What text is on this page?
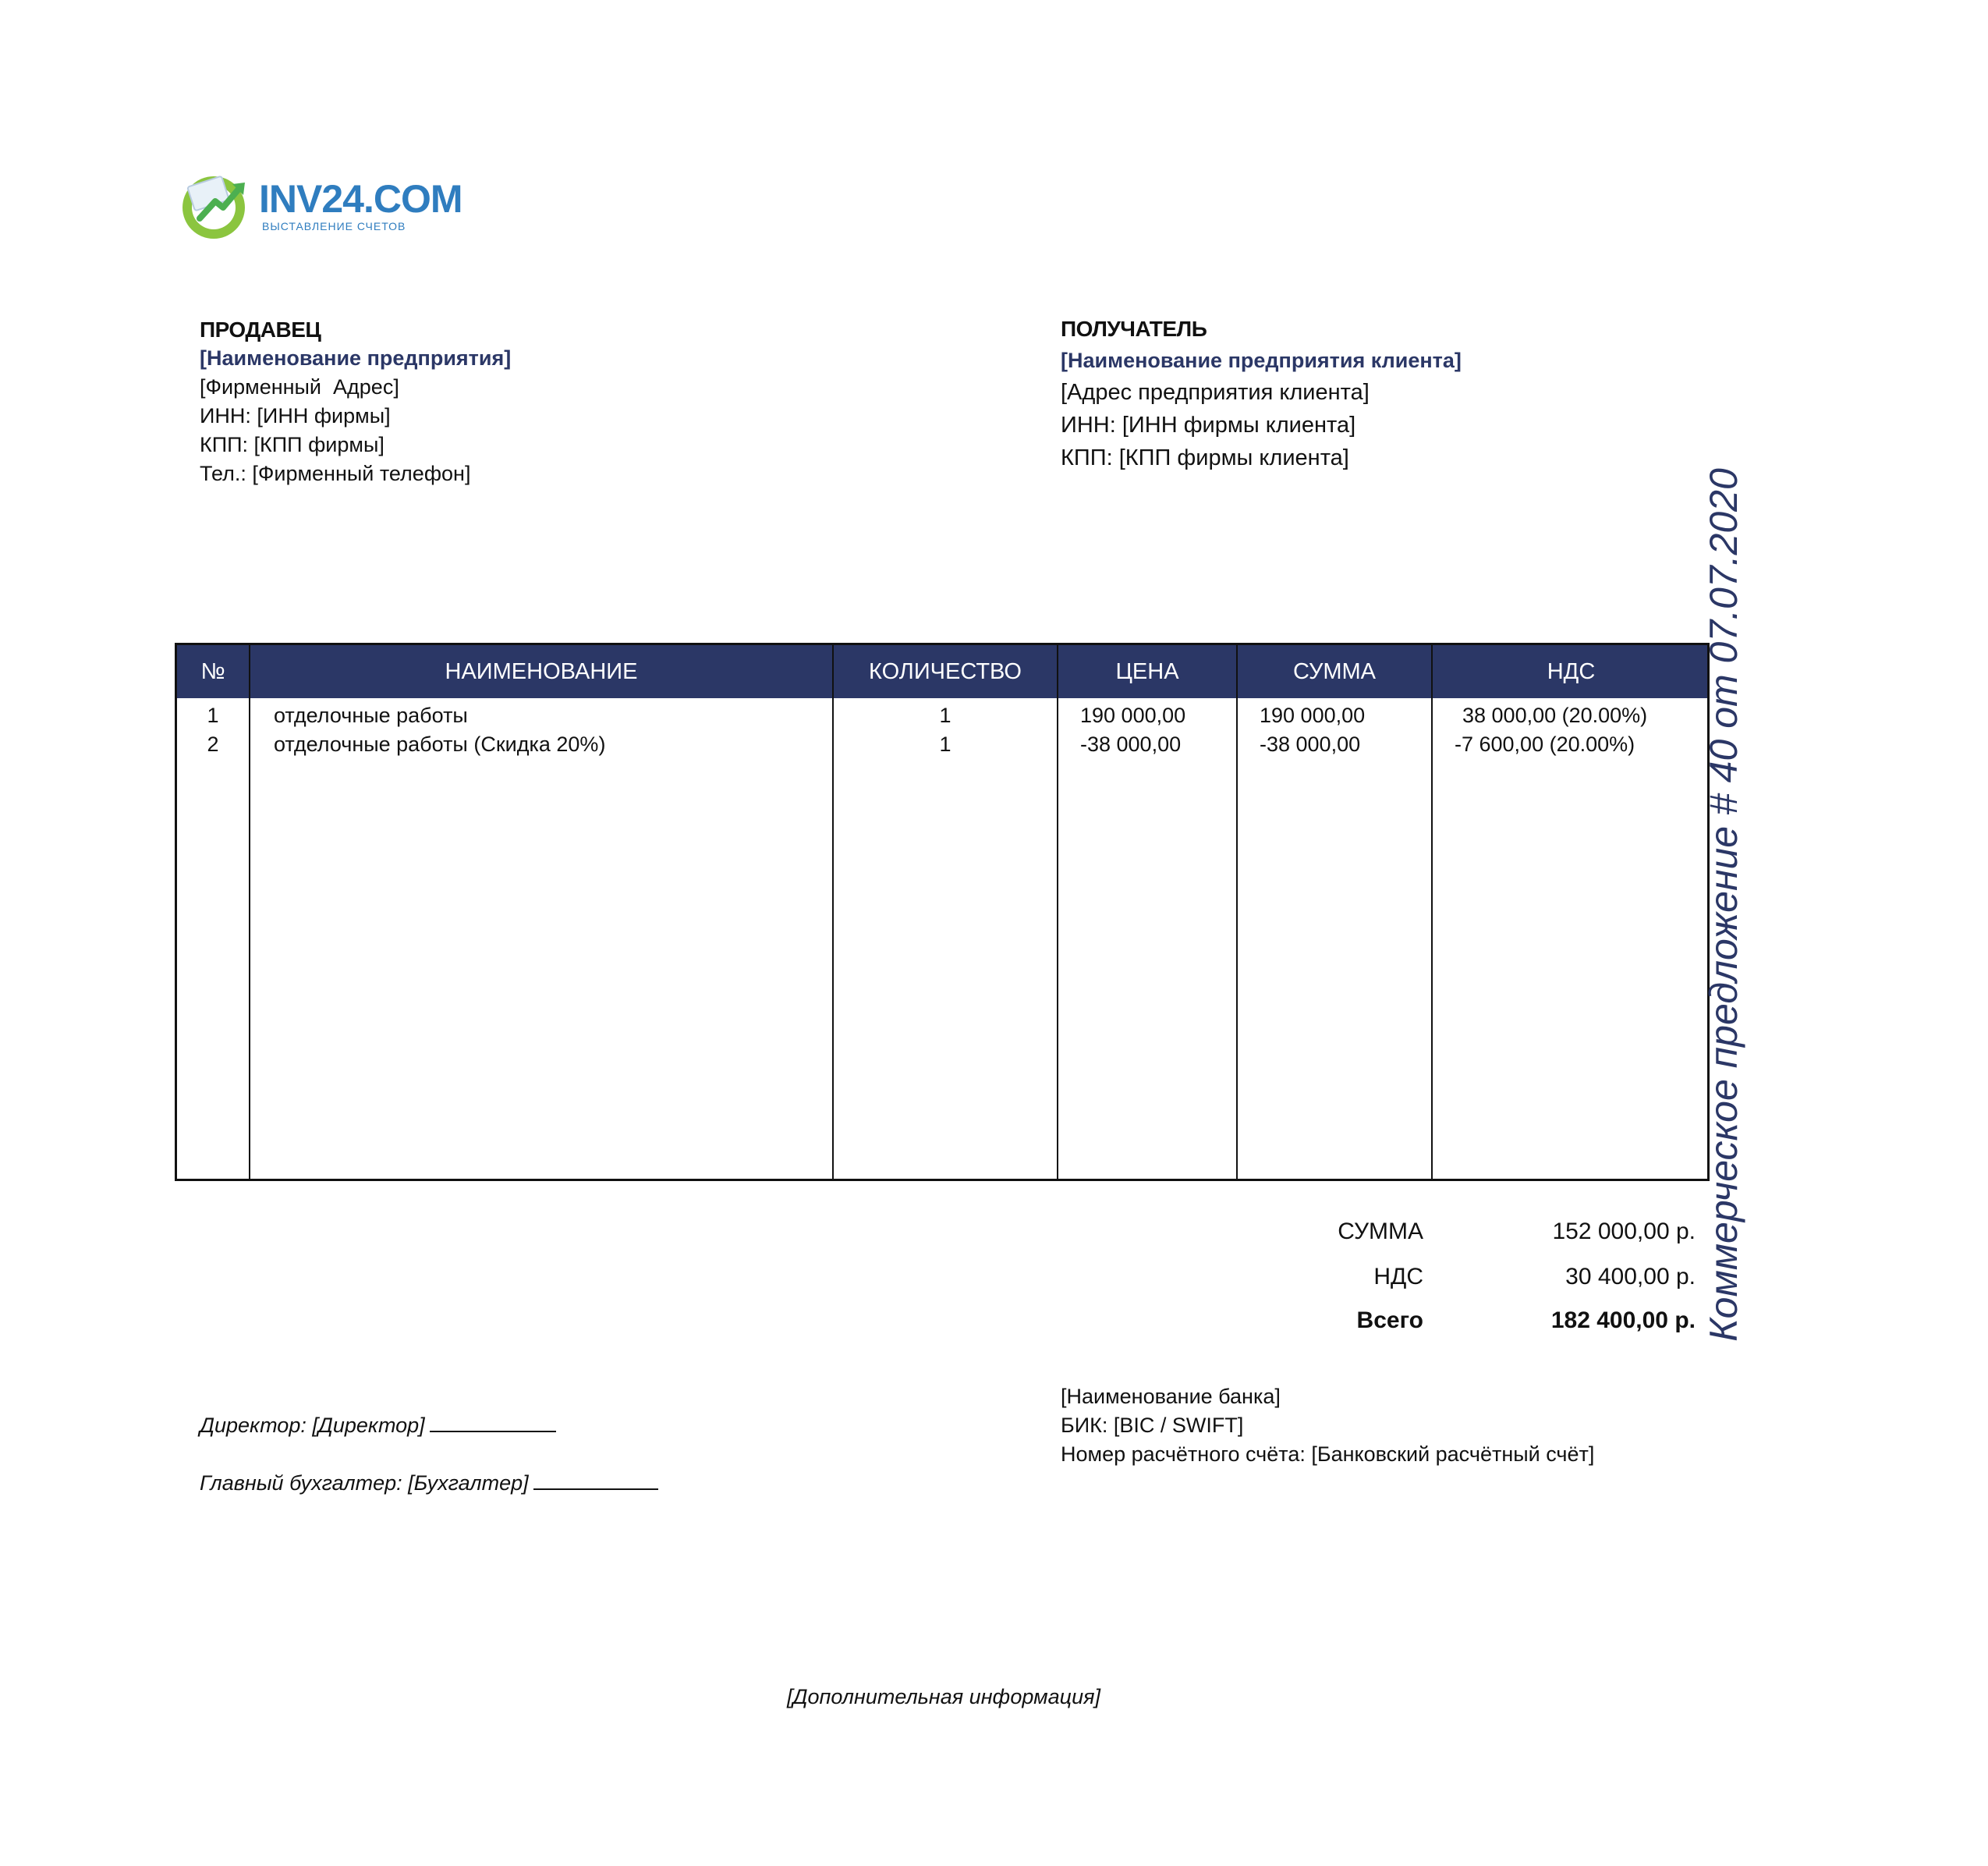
INV24.COM
ВЫСТАВЛЕНИЕ СЧЕТОВ
ПРОДАВЕЦ
[Наименование предприятия]
[Фирменный  Адрес]
ИНН: [ИНН фирмы]
КПП: [КПП фирмы]
Тел.: [Фирменный телефон]
ПОЛУЧАТЕЛЬ
[Наименование предприятия клиента]
[Адрес предприятия клиента]
ИНН: [ИНН фирмы клиента]
КПП: [КПП фирмы клиента]
№	НАИМЕНОВАНИЕ	КОЛИЧЕСТВО	ЦЕНА	СУММА	НДС
1	отделочные работы	1	190 000,00	190 000,00	38 000,00 (20.00%)
2	отделочные работы (Скидка 20%)	1	-38 000,00	-38 000,00	-7 600,00 (20.00%)
СУММА	152 000,00 р.
НДС	30 400,00 р.
Всего	182 400,00 р.
Директор: [Директор]
Главный бухгалтер: [Бухгалтер]
[Наименование банка]
БИК: [BIC / SWIFT]
Номер расчётного счёта: [Банковский расчётный счёт]
[Дополнительная информация]
Коммерческое предложение # 40 от 07.07.2020
